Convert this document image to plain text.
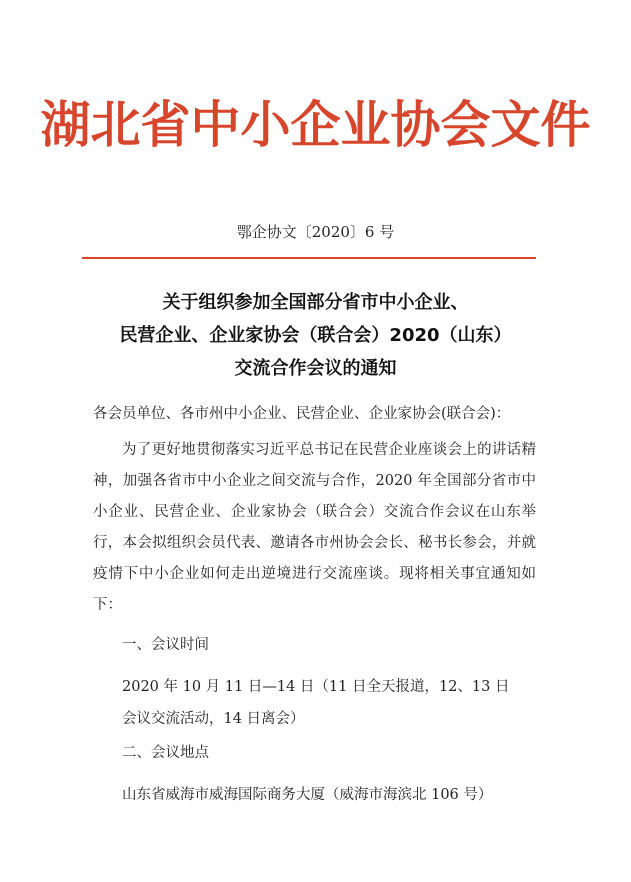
湖北省中小企业协会文件
鄂企协文〔2020〕6 号
关于组织参加全国部分省市中小企业、
民营企业、企业家协会（联合会）2020（山东）
交流合作会议的通知
各会员单位、各市州中小企业、民营企业、企业家协会(联合会)：

为了更好地贯彻落实习近平总书记在民营企业座谈会上的讲话精神，加强各省市中小企业之间交流与合作，2020 年全国部分省市中小企业、民营企业、企业家协会（联合会）交流合作会议在山东举行，本会拟组织会员代表、邀请各市州协会会长、秘书长参会，并就疫情下中小企业如何走出逆境进行交流座谈。现将相关事宜通知如下：

一、会议时间
2020 年 10 月 11 日—14 日（11 日全天报道，12、13 日
会议交流活动，14 日离会）
二、会议地点
山东省威海市威海国际商务大厦（威海市海滨北 106 号）
